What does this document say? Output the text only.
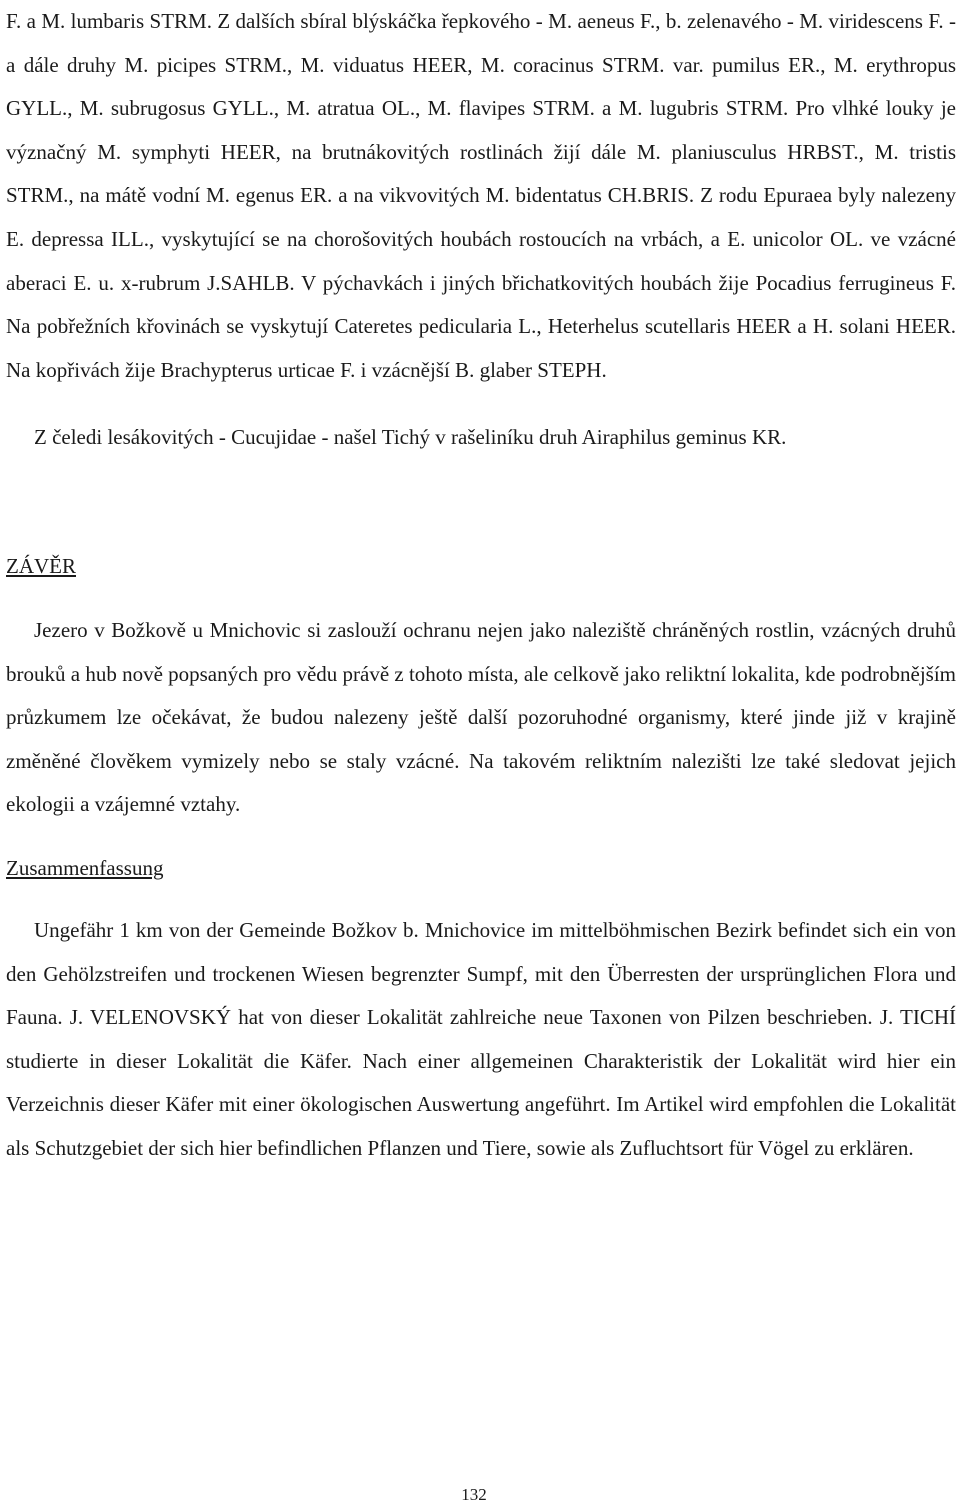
F. a M. lumbaris STRM. Z dalších sbíral blýskáčka řepkového - M. aeneus F., b. zelenavého - M. viridescens F. - a dále druhy M. picipes STRM., M. viduatus HEER, M. coracinus STRM. var. pumilus ER., M. erythropus GYLL., M. subrugosus GYLL., M. atratua OL., M. flavipes STRM. a M. lugubris STRM. Pro vlhké louky je význačný M. symphyti HEER, na brutnákovitých rostlinách žijí dále M. planiusculus HRBST., M. tristis STRM., na mátě vodní M. egenus ER. a na vikvovitých M. bidentatus CH.BRIS. Z rodu Epuraea byly nalezeny E. depressa ILL., vyskytující se na chorošovitých houbách rostoucích na vrbách, a E. unicolor OL. ve vzácné aberaci E. u. x-rubrum J.SAHLB. V pýchavkách i jiných břichatkovitých houbách žije Pocadius ferrugineus F. Na pobřežních křovinách se vyskytují Cateretes pedicularia L., Heterhelus scutellaris HEER a H. solani HEER. Na kopřivách žije Brachypterus urticae F. i vzácnější B. glaber STEPH.

Z čeledi lesákovitých - Cucujidae - našel Tichý v rašeliníku druh Airaphilus geminus KR.

ZÁVĚR

Jezero v Božkově u Mnichovic si zaslouží ochranu nejen jako naleziště chráněných rostlin, vzácných druhů brouků a hub nově popsaných pro vědu právě z tohoto místa, ale celkově jako reliktní lokalita, kde podrobnějším průzkumem lze očekávat, že budou nalezeny ještě další pozoruhodné organismy, které jinde již v krajině změněné člověkem vymizely nebo se staly vzácné. Na takovém reliktním nalezišti lze také sledovat jejich ekologii a vzájemné vztahy.

Zusammenfassung

Ungefähr 1 km von der Gemeinde Božkov b. Mnichovice im mittelböhmischen Bezirk befindet sich ein von den Gehölzstreifen und trockenen Wiesen begrenzter Sumpf, mit den Überresten der ursprünglichen Flora und Fauna. J. VELENOVSKÝ hat von dieser Lokalität zahlreiche neue Taxonen von Pilzen beschrieben. J. TICHÍ studierte in dieser Lokalität die Käfer. Nach einer allgemeinen Charakteristik der Lokalität wird hier ein Verzeichnis dieser Käfer mit einer ökologischen Auswertung angeführt. Im Artikel wird empfohlen die Lokalität als Schutzgebiet der sich hier befindlichen Pflanzen und Tiere, sowie als Zufluchtsort für Vögel zu erklären.

132
